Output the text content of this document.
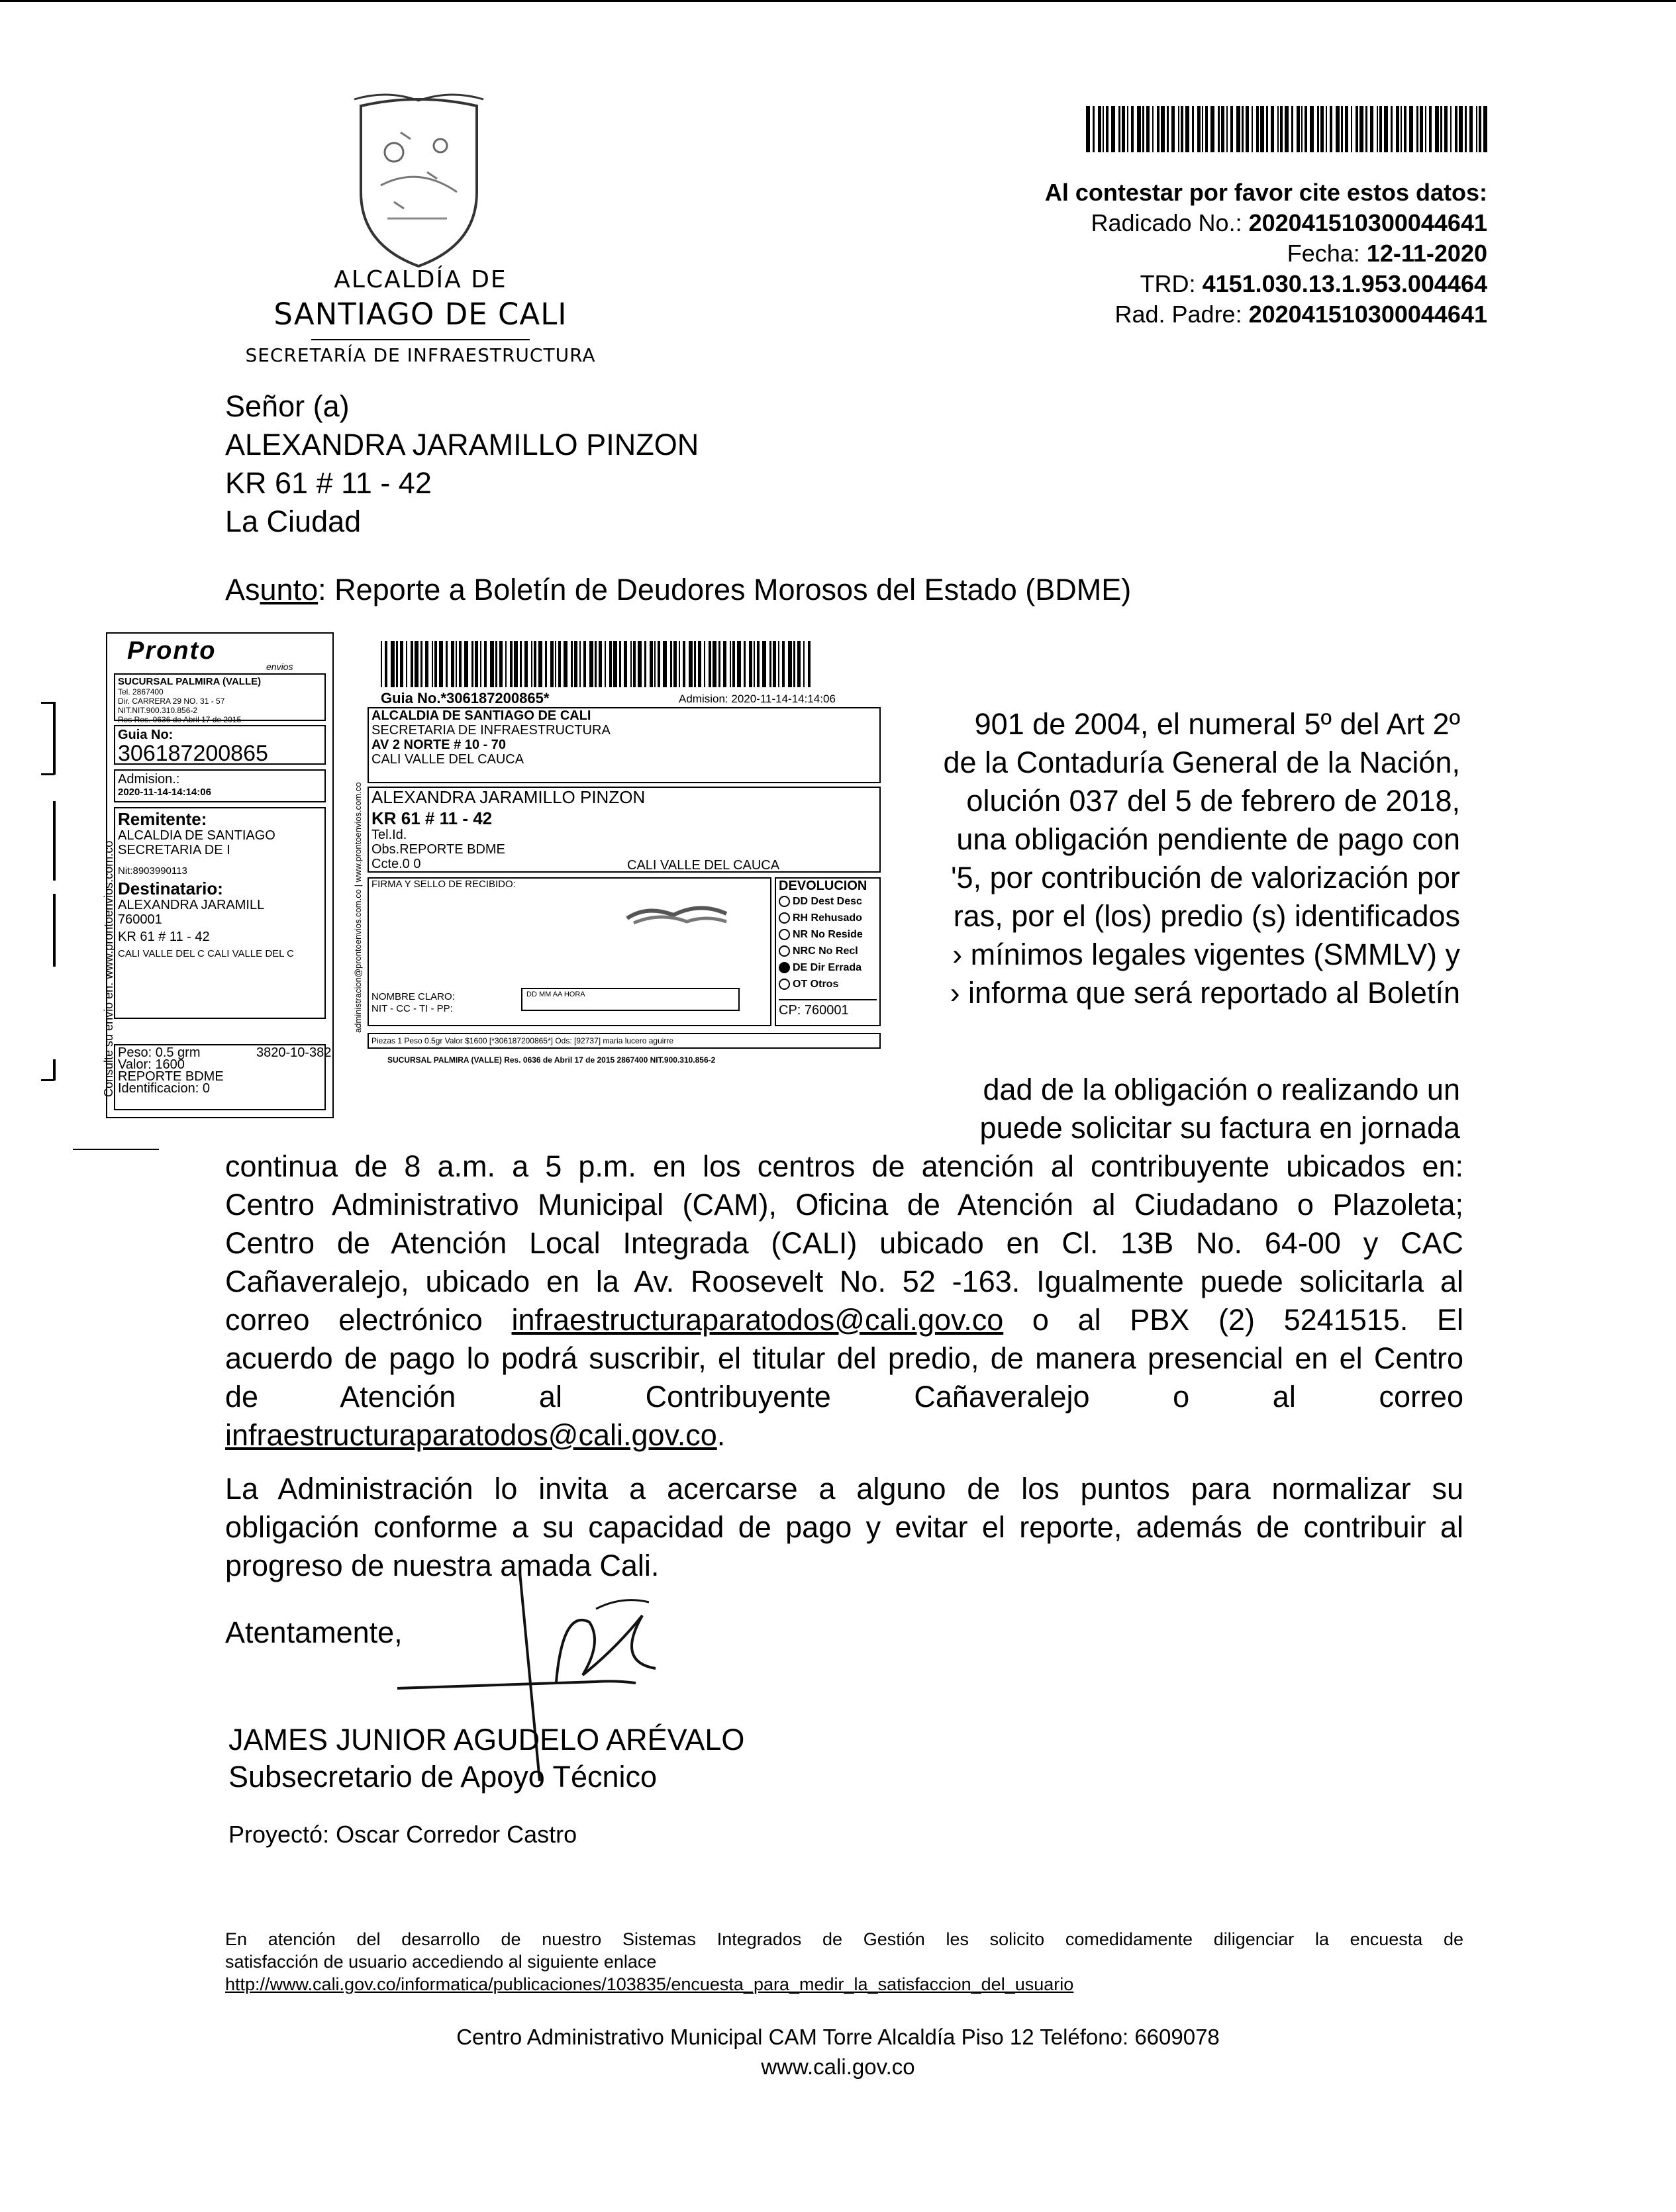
ALCALDÍA DE
SANTIAGO DE CALI
SECRETARÍA DE INFRAESTRUCTURA
Al contestar por favor cite estos datos:
Radicado No.: 202041510300044641
Fecha: 12-11-2020
TRD: 4151.030.13.1.953.004464
Rad. Padre: 202041510300044641
Señor (a)
ALEXANDRA JARAMILLO PINZON
KR 61 # 11 - 42
La Ciudad
Asunto: Reporte a Boletín de Deudores Morosos del Estado (BDME)
901 de 2004, el numeral 5º del Art 2º
de la Contaduría General de la Nación,
olución 037 del 5 de febrero de 2018,
una obligación pendiente de pago con
'5, por contribución de valorización por
ras, por el (los) predio (s) identificados
› mínimos legales vigentes (SMMLV) y
› informa que será reportado al Boletín
dad de la obligación o realizando un
puede solicitar su factura en jornada
continua de 8 a.m. a 5 p.m. en los centros de atención al contribuyente ubicados en:
Centro Administrativo Municipal (CAM), Oficina de Atención al Ciudadano o Plazoleta;
Centro de Atención Local Integrada (CALI) ubicado en Cl. 13B No. 64-00 y CAC
Cañaveralejo, ubicado en la Av. Roosevelt No. 52 -163. Igualmente puede solicitarla al
correo electrónico infraestructuraparatodos@cali.gov.co o al PBX (2) 5241515. El
acuerdo de pago lo podrá suscribir, el titular del predio, de manera presencial en el Centro
de Atención al Contribuyente Cañaveralejo o al correo
infraestructuraparatodos@cali.gov.co.
La Administración lo invita a acercarse a alguno de los puntos para normalizar su
obligación conforme a su capacidad de pago y evitar el reporte, además de contribuir al
progreso de nuestra amada Cali.
Atentamente,
JAMES JUNIOR AGUDELO ARÉVALO
Subsecretario de Apoyo Técnico
Proyectó: Oscar Corredor Castro
En atención del desarrollo de nuestro Sistemas Integrados de Gestión les solicito comedidamente diligenciar la encuesta de
satisfacción de usuario accediendo al siguiente enlace
http://www.cali.gov.co/informatica/publicaciones/103835/encuesta_para_medir_la_satisfaccion_del_usuario
Centro Administrativo Municipal CAM Torre Alcaldía Piso 12 Teléfono: 6609078
www.cali.gov.co
Pronto
envios
SUCURSAL PALMIRA (VALLE)
Tel. 2867400
Dir. CARRERA 29 NO. 31 - 57
NIT.NIT.900.310.856-2
Res Res. 0636 de Abril 17 de 2015
Guia No:
306187200865
Admision.:
2020-11-14-14:14:06
Remitente:
ALCALDIA DE SANTIAGO
SECRETARIA DE I
Nit:8903990113
Destinatario:
ALEXANDRA JARAMILL
760001
KR 61 # 11 - 42
CALI VALLE DEL C CALI VALLE DEL C
Peso: 0.5 grm
Valor: 1600
REPORTE BDME
Identificacion: 0
3820-10-382
Consulte su envio en: www.prontoenvios.com.co
Guia No.*306187200865*	Admision: 2020-11-14-14:14:06
ALCALDIA DE SANTIAGO DE CALI
SECRETARIA DE INFRAESTRUCTURA
AV 2 NORTE # 10 - 70
CALI VALLE DEL CAUCA
ALEXANDRA JARAMILLO PINZON
KR 61 # 11 - 42
Tel.Id.
Obs.REPORTE BDME
Ccte.0 0	CALI VALLE DEL CAUCA
FIRMA Y SELLO DE RECIBIDO:
NOMBRE CLARO:
NIT - CC - TI - PP:
DD MM AA HORA
DEVOLUCION
DD Dest Desc
RH Rehusado
NR No Reside
NRC No Recl
DE Dir Errada
OT Otros
CP: 760001
Piezas 1 Peso 0.5gr Valor $1600 [*306187200865*] Ods: [92737] maria lucero aguirre
SUCURSAL PALMIRA (VALLE) Res. 0636 de Abril 17 de 2015 2867400 NIT.900.310.856-2
administracion@prontoenvios.com.co | www.prontoenvios.com.co
